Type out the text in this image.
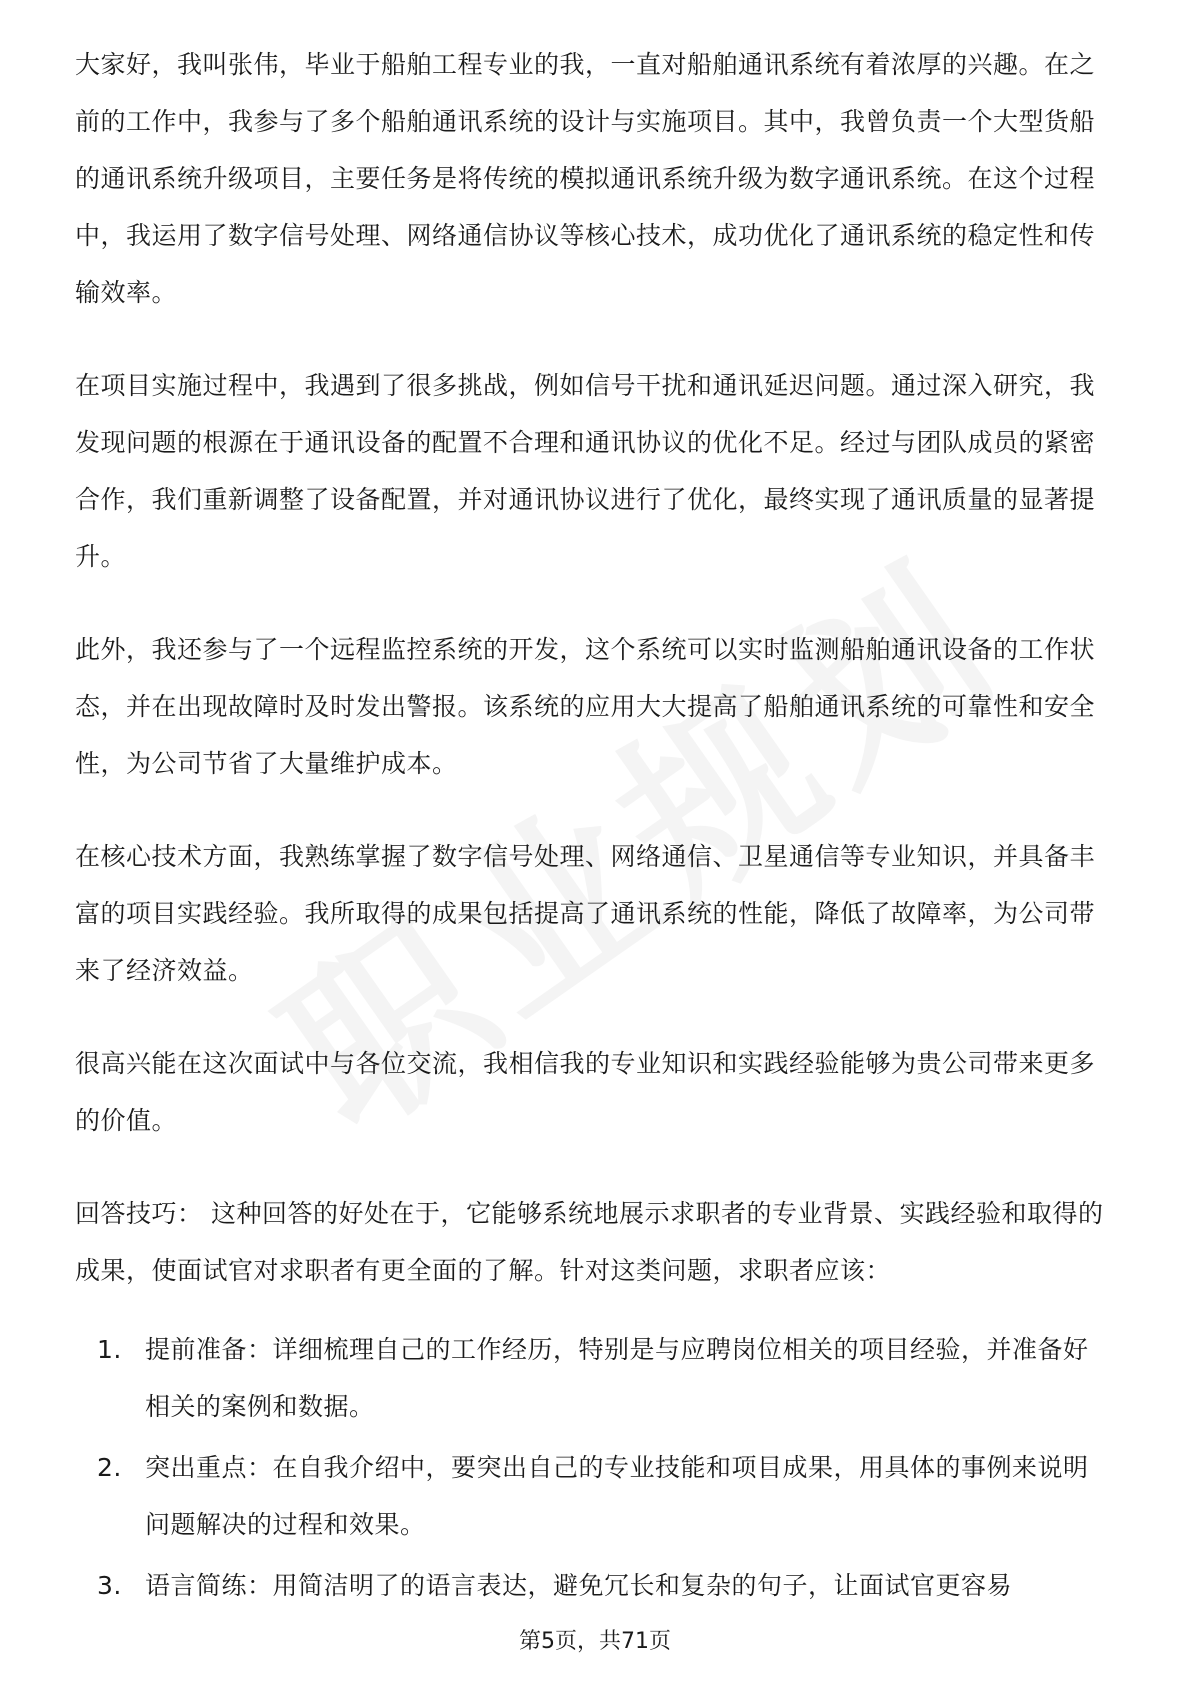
大家好，我叫张伟，毕业于船舶工程专业的我，一直对船舶通讯系统有着浓厚的兴趣。在之前的工作中，我参与了多个船舶通讯系统的设计与实施项目。其中，我曾负责一个大型货船的通讯系统升级项目，主要任务是将传统的模拟通讯系统升级为数字通讯系统。在这个过程中，我运用了数字信号处理、网络通信协议等核心技术，成功优化了通讯系统的稳定性和传输效率。

在项目实施过程中，我遇到了很多挑战，例如信号干扰和通讯延迟问题。通过深入研究，我发现问题的根源在于通讯设备的配置不合理和通讯协议的优化不足。经过与团队成员的紧密合作，我们重新调整了设备配置，并对通讯协议进行了优化，最终实现了通讯质量的显著提升。

此外，我还参与了一个远程监控系统的开发，这个系统可以实时监测船舶通讯设备的工作状态，并在出现故障时及时发出警报。该系统的应用大大提高了船舶通讯系统的可靠性和安全性，为公司节省了大量维护成本。

在核心技术方面，我熟练掌握了数字信号处理、网络通信、卫星通信等专业知识，并具备丰富的项目实践经验。我所取得的成果包括提高了通讯系统的性能，降低了故障率，为公司带来了经济效益。

很高兴能在这次面试中与各位交流，我相信我的专业知识和实践经验能够为贵公司带来更多的价值。

回答技巧： 这种回答的好处在于，它能够系统地展示求职者的专业背景、实践经验和取得的成果，使面试官对求职者有更全面的了解。针对这类问题，求职者应该：

1. 提前准备：详细梳理自己的工作经历，特别是与应聘岗位相关的项目经验，并准备好相关的案例和数据。
2. 突出重点：在自我介绍中，要突出自己的专业技能和项目成果，用具体的事例来说明问题解决的过程和效果。
3. 语言简练：用简洁明了的语言表达，避免冗长和复杂的句子，让面试官更容易
第5页，共71页
